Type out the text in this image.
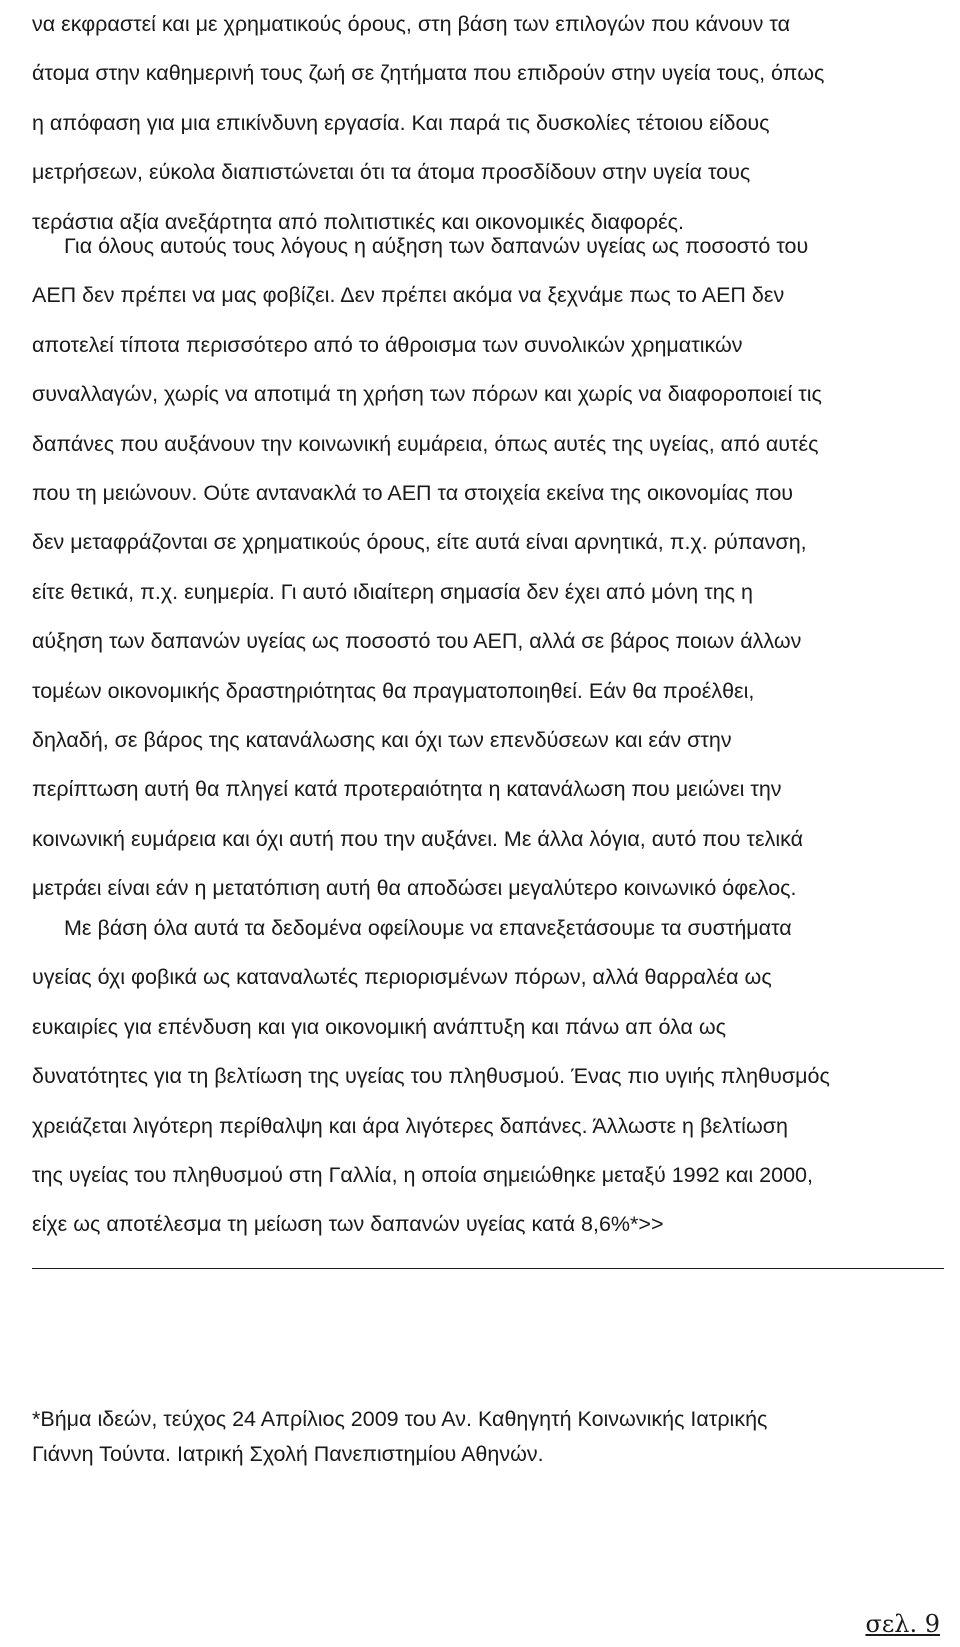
να εκφραστεί και με χρηματικούς όρους, στη βάση των επιλογών που κάνουν τα
άτομα στην καθημερινή τους ζωή σε ζητήματα που επιδρούν στην υγεία τους, όπως
η απόφαση για μια επικίνδυνη εργασία. Και παρά τις δυσκολίες τέτοιου είδους
μετρήσεων, εύκολα διαπιστώνεται ότι τα άτομα προσδίδουν στην υγεία τους
τεράστια αξία ανεξάρτητα από πολιτιστικές και οικονομικές διαφορές.
Για όλους αυτούς τους λόγους η αύξηση των δαπανών υγείας ως ποσοστό του
ΑΕΠ δεν πρέπει να μας φοβίζει. Δεν πρέπει ακόμα να ξεχνάμε πως το ΑΕΠ δεν
αποτελεί τίποτα περισσότερο από το άθροισμα των συνολικών χρηματικών
συναλλαγών, χωρίς να αποτιμά τη χρήση των πόρων και χωρίς να διαφοροποιεί τις
δαπάνες που αυξάνουν την κοινωνική ευμάρεια, όπως αυτές της υγείας, από αυτές
που τη μειώνουν. Ούτε αντανακλά το ΑΕΠ τα στοιχεία εκείνα της οικονομίας που
δεν μεταφράζονται σε χρηματικούς όρους, είτε αυτά είναι αρνητικά, π.χ. ρύπανση,
είτε θετικά, π.χ. ευημερία. Γι αυτό ιδιαίτερη σημασία δεν έχει από μόνη της η
αύξηση των δαπανών υγείας ως ποσοστό του ΑΕΠ, αλλά σε βάρος ποιων άλλων
τομέων οικονομικής δραστηριότητας θα πραγματοποιηθεί. Εάν θα προέλθει,
δηλαδή, σε βάρος της κατανάλωσης και όχι των επενδύσεων και εάν στην
περίπτωση αυτή θα πληγεί κατά προτεραιότητα η κατανάλωση που μειώνει την
κοινωνική ευμάρεια και όχι αυτή που την αυξάνει. Με άλλα λόγια, αυτό που τελικά
μετράει είναι εάν η μετατόπιση αυτή θα αποδώσει μεγαλύτερο κοινωνικό όφελος.
Με βάση όλα αυτά τα δεδομένα οφείλουμε να επανεξετάσουμε τα συστήματα
υγείας όχι φοβικά ως καταναλωτές περιορισμένων πόρων, αλλά θαρραλέα ως
ευκαιρίες για επένδυση και για οικονομική ανάπτυξη και πάνω απ όλα ως
δυνατότητες για τη βελτίωση της υγείας του πληθυσμού. Ένας πιο υγιής πληθυσμός
χρειάζεται λιγότερη περίθαλψη και άρα λιγότερες δαπάνες. Άλλωστε η βελτίωση
της υγείας του πληθυσμού στη Γαλλία, η οποία σημειώθηκε μεταξύ 1992 και 2000,
είχε ως αποτέλεσμα τη μείωση των δαπανών υγείας κατά 8,6%*>>
*Βήμα ιδεών, τεύχος 24 Απρίλιος 2009 του Αν. Καθηγητή Κοινωνικής Ιατρικής
Γιάννη Τούντα. Ιατρική Σχολή Πανεπιστημίου Αθηνών.
σελ. 9
